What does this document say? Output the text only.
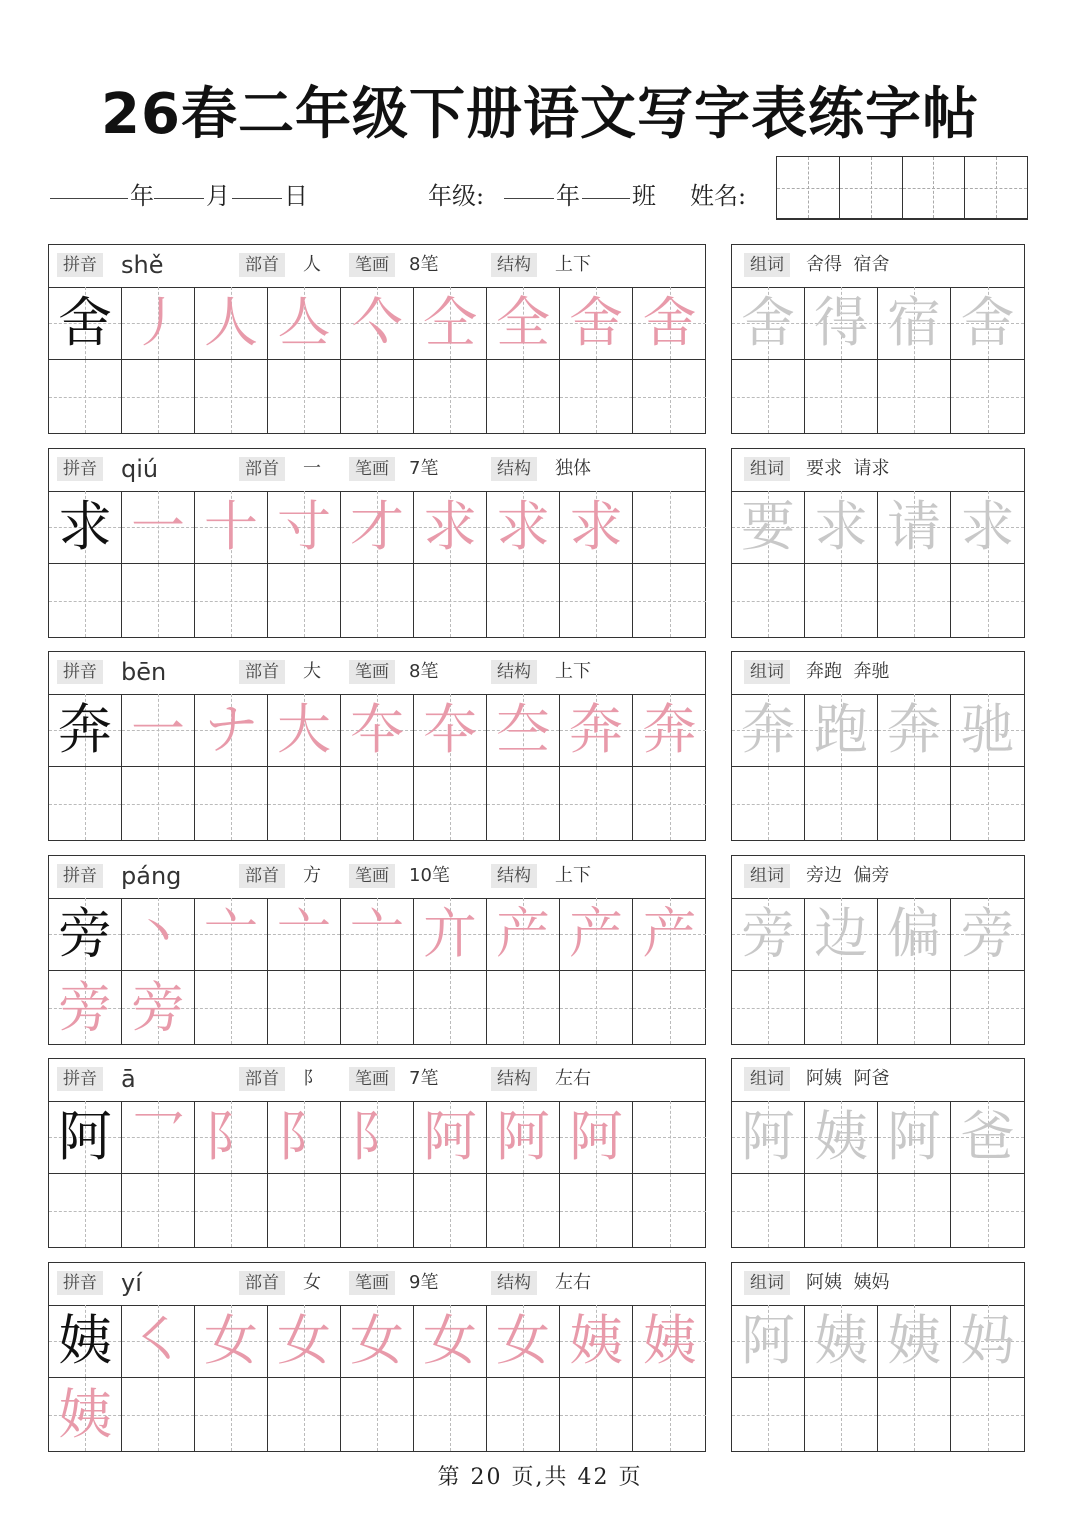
26春二年级下册语文写字表练字帖
年 月 日	年级:	年 班 姓名:
拼音 shě	部首	人	笔画	8笔	结构	上下
舍 丿 人 亼 亽 仝 全 舍 舍
组词	舍得  宿舍
舍 得 宿 舍
拼音 qiú	部首	一	笔画	7笔	结构	独体
求 一 十 寸 才 求 求 求
组词	要求  请求
要 求 请 求
拼音 bēn	部首	大	笔画	8笔	结构	上下
奔 一 ナ 大 夲 夲 夳 奔 奔
组词	奔跑  奔驰
奔 跑 奔 驰
拼音 páng	部首	方	笔画	10笔	结构	上下
旁 丶 亠 亠 亠 亣 产 产 产
旁 旁
组词	旁边  偏旁
旁 边 偏 旁
拼音 ā	部首	阝	笔画	7笔	结构	左右
阿 乛 阝 阝 阝 阿 阿 阿
组词	阿姨  阿爸
阿 姨 阿 爸
拼音 yí	部首	女	笔画	9笔	结构	左右
姨 ㇛ 女 女 女 女 女 姨 姨
姨
组词	阿姨  姨妈
阿 姨 姨 妈
第 20 页,共 42 页
